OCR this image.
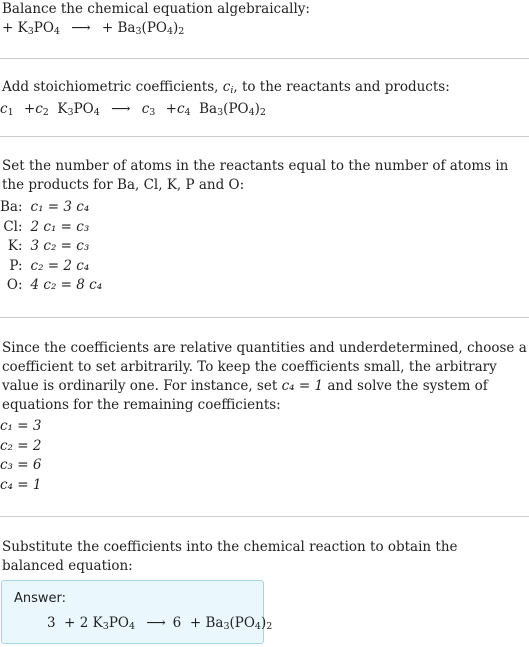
Balance the chemical equation algebraically:

+ $K_3PO_4$ ⟶ + $Ba_3(PO_4)_2$

Add stoichiometric coefficients, $c_i$, to the reactants and products:

$c_1 +c_2$ $K_3PO_4$ ⟶ $c_3 +c_4$ $Ba_3(PO_4)_2$

Set the number of atoms in the reactants equal to the number of atoms in the products for Ba, Cl, K, P and O:

Ba:	c₁ = 3 c₄
Cl:	2 c₁ = c₃
K:	3 c₂ = c₃
P:	c₂ = 2 c₄
O:	4 c₂ = 8 c₄

Since the coefficients are relative quantities and underdetermined, choose a coefficient to set arbitrarily. To keep the coefficients small, the arbitrary value is ordinarily one. For instance, set c₄ = 1 and solve the system of equations for the remaining coefficients:

c₁ = 3
c₂ = 2
c₃ = 6
c₄ = 1

Substitute the coefficients into the chemical reaction to obtain the balanced equation:

Answer:
3  + 2 $K_3PO_4$ ⟶ $6 + Ba_3(PO_4)_2$
